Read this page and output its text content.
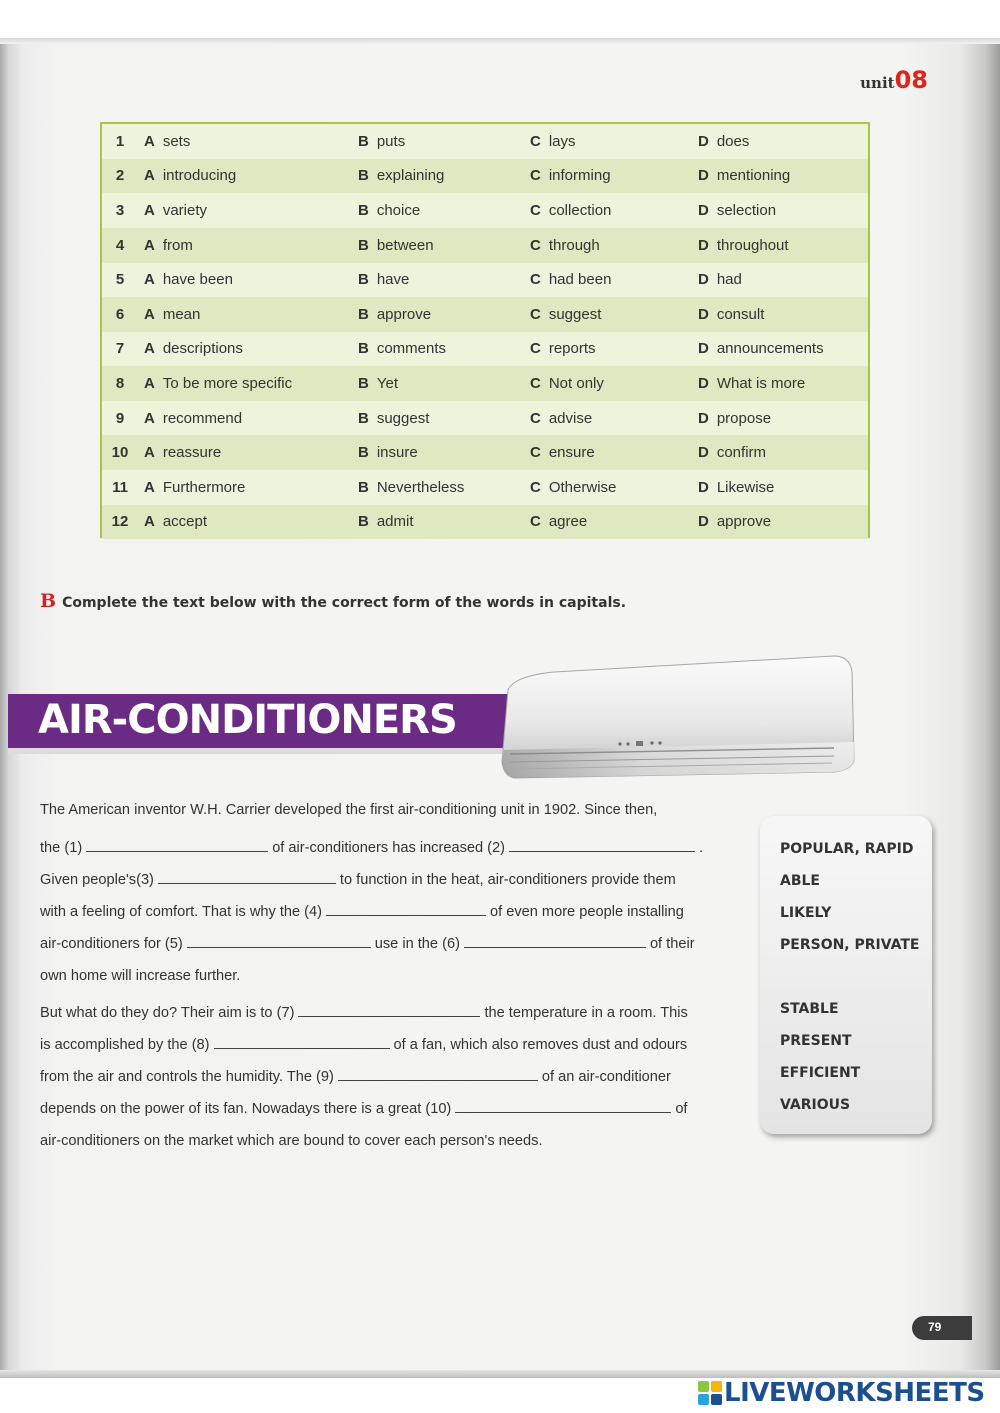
unit08
1	A sets	B puts	C lays	D does
2	A introducing	B explaining	C informing	D mentioning
3	A variety	B choice	C collection	D selection
4	A from	B between	C through	D throughout
5	A have been	B have	C had been	D had
6	A mean	B approve	C suggest	D consult
7	A descriptions	B comments	C reports	D announcements
8	A To be more specific	B Yet	C Not only	D What is more
9	A recommend	B suggest	C advise	D propose
10 A reassure	B insure	C ensure	D confirm
11 A Furthermore	B Nevertheless	C Otherwise	D Likewise
12 A accept	B admit	C agree	D approve
B Complete the text below with the correct form of the words in capitals.
AIR-CONDITIONERS
The American inventor W.H. Carrier developed the first air-conditioning unit in 1902. Since then,
the (1)	of air-conditioners has increased (2)	.
Given people's(3)	to function in the heat, air-conditioners provide them
with a feeling of comfort. That is why the (4)	of even more people installing
air-conditioners for (5)	use in the (6)	of their
own home will increase further.
But what do they do? Their aim is to (7)	the temperature in a room. This
is accomplished by the (8)	of a fan, which also removes dust and odours
from the air and controls the humidity. The (9)	of an air-conditioner
depends on the power of its fan. Nowadays there is a great (10)	of
air-conditioners on the market which are bound to cover each person's needs.
POPULAR, RAPID
ABLE
LIKELY
PERSON, PRIVATE
STABLE
PRESENT
EFFICIENT
VARIOUS
79
LIVEWORKSHEETS
